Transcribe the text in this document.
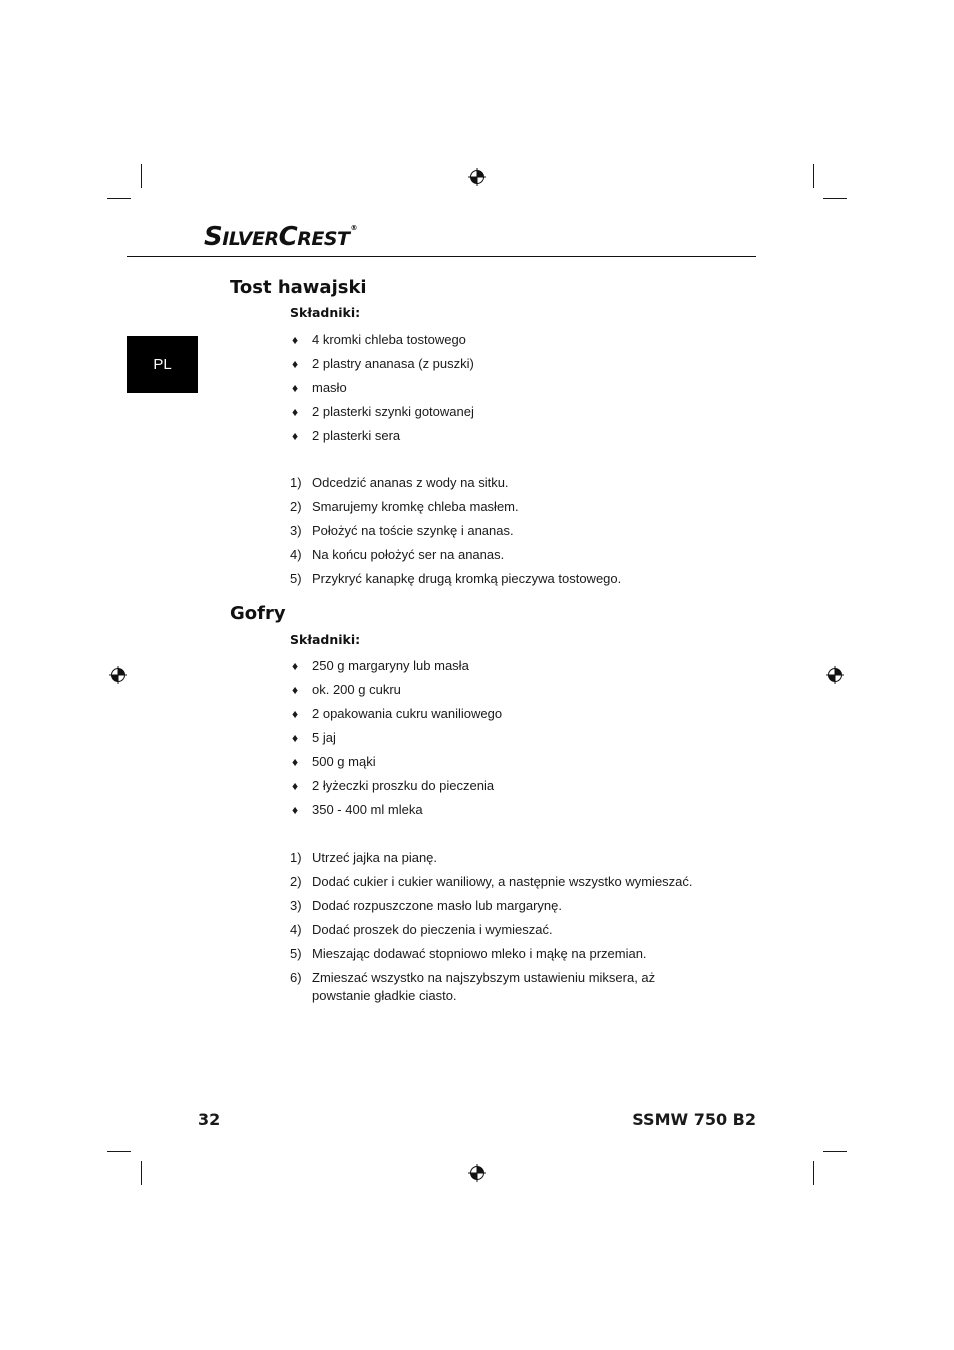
SILVERCREST®
PL
Tost hawajski
Składniki:
♦ 4 kromki chleba tostowego
♦ 2 plastry ananasa (z puszki)
♦ masło
♦ 2 plasterki szynki gotowanej
♦ 2 plasterki sera
1) Odcedzić ananas z wody na sitku.
2) Smarujemy kromkę chleba masłem.
3) Położyć na toście szynkę i ananas.
4) Na końcu położyć ser na ananas.
5) Przykryć kanapkę drugą kromką pieczywa tostowego.
Gofry
Składniki:
♦ 250 g margaryny lub masła
♦ ok. 200 g cukru
♦ 2 opakowania cukru waniliowego
♦ 5 jaj
♦ 500 g mąki
♦ 2 łyżeczki proszku do pieczenia
♦ 350 - 400 ml mleka
1) Utrzeć jajka na pianę.
2) Dodać cukier i cukier waniliowy, a następnie wszystko wymieszać.
3) Dodać rozpuszczone masło lub margarynę.
4) Dodać proszek do pieczenia i wymieszać.
5) Mieszając dodawać stopniowo mleko i mąkę na przemian.
6) Zmieszać wszystko na najszybszym ustawieniu miksera, aż powstanie gładkie ciasto.
32	SSMW 750 B2
